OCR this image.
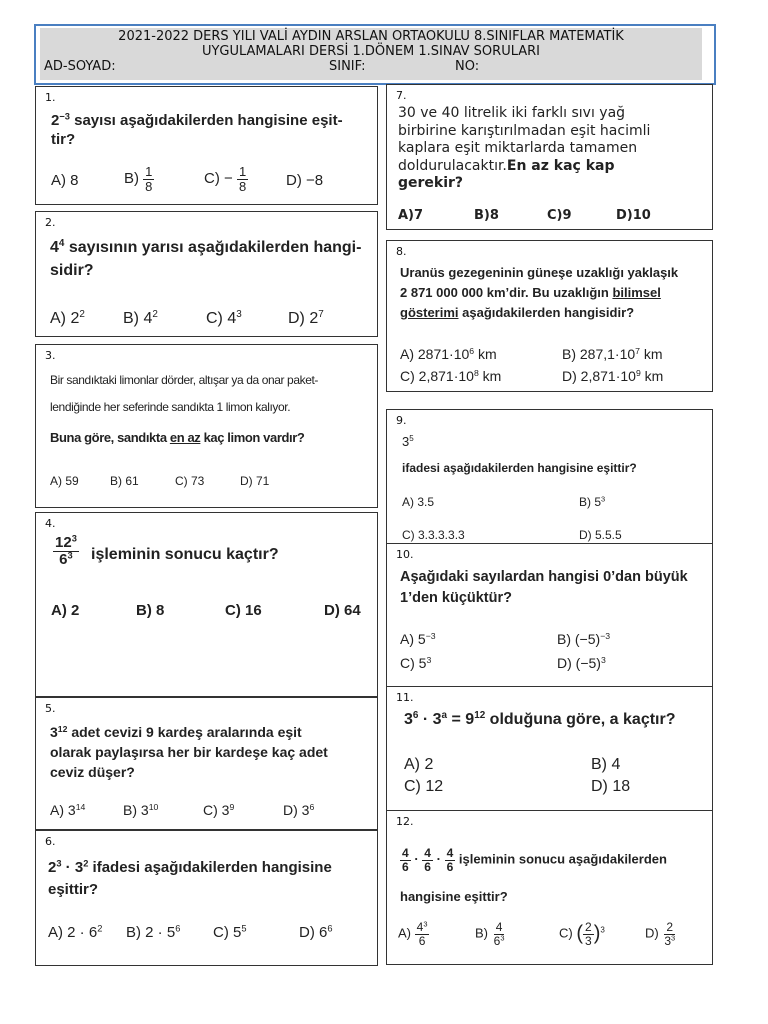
2021-2022 DERS YILI VALİ AYDIN ARSLAN ORTAOKULU 8.SINIFLAR MATEMATİK
UYGULAMALARI DERSİ 1.DÖNEM 1.SINAV SORULARI
AD-SOYAD:	SINIF:	NO:
1.
$2^{-3}$ sayısı aşağıdakilerden hangisine eşit-
tir?
A) 8	$B) \frac{1}{8}$	$C) - \frac{1}{8}$	D) −8
2.
$4^4$ sayısının yarısı aşağıdakilerden hangi-
sidir?
A) $2^2$ B) $4^2$	C) $4^3$	D) $2^7$
3.
Bir sandıktaki limonlar dörder, altışar ya da onar paket-
lendiğinde her seferinde sandıkta 1 limon kalıyor.
Buna göre, sandıkta en az kaç limon vardır?
A) 59	B) 61	C) 73	D) 71
4.
$\frac{12^3}{6^3}$ işleminin sonucu kaçtır?
A) 2	B) 8	C) 16	D) 64
5.
$3^{12}$ adet cevizi 9 kardeş aralarında eşit
olarak paylaşırsa her bir kardeşe kaç adet
ceviz düşer?
A) $3^{14}$	B) $3^{10}$	C) $3^9$	D) $3^6$
6.
$2^3 \cdot 3^2$ ifadesi aşağıdakilerden hangisine
eşittir?
A) $2 \cdot 6^2$ B) $2 \cdot 5^6$ C) $5^5$	D) $6^6$
7.
30 ve 40 litrelik iki farklı sıvı yağ
birbirine karıştırılmadan eşit hacimli
kaplara eşit miktarlarda tamamen
doldurulacaktır.En az kaç kap
gerekir?
A)7	B)8	C)9	D)10
8.
Uranüs gezegeninin güneşe uzaklığı yaklaşık
2 871 000 000 km’dir. Bu uzaklığın bilimsel
gösterimi aşağıdakilerden hangisidir?
A) $2871\cdot 10^6$ km	B) $287,1\cdot 10^7$ km
C) $2,871\cdot 10^8$ km	D) $2,871\cdot 10^9$ km
9.
$3^5$
ifadesi aşağıdakilerden hangisine eşittir?
A) 3.5	B) $5^3$
C) 3.3.3.3.3	D) 5.5.5
10.
Aşağıdaki sayılardan hangisi 0’dan büyük
1’den küçüktür?
A) $5^{-3}$	B) $(-5)^{-3}$
C) $5^3$	D) $(-5)^3$
11.
$3^6 \cdot 3^a = 9^{12}$ olduğuna göre, a kaçtır?
A) 2	B) 4
C) 12	D) 18
12.
$\frac{4}{6} \cdot \frac{4}{6} \cdot \frac{4}{6}$ işleminin sonucu aşağıdakilerden
hangisine eşittir?
$A) \frac{4^3}{6}$	$B) \frac{4}{6^3}$	C) ( $\frac{2}{3} )^3$	$D) \frac{2}{3^3}$
